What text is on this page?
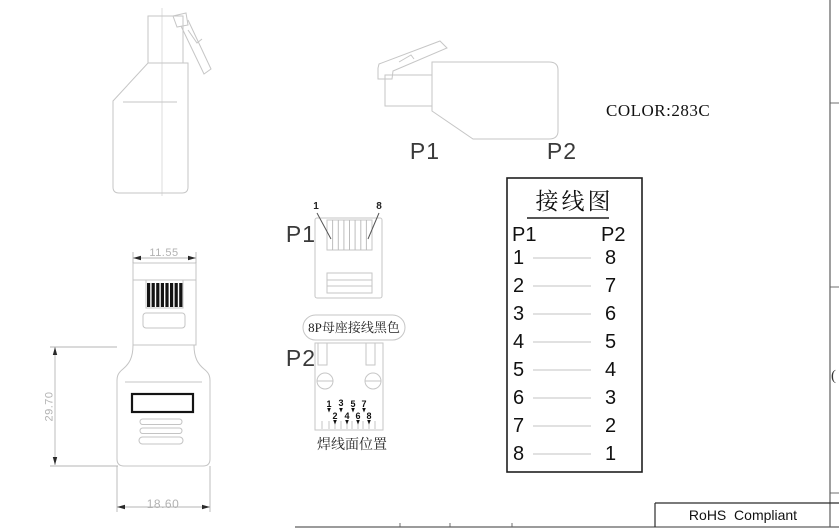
COLOR:283C
P1	P2
P1
1	8
8P母座接线黑色
P2
1 3 5 7
2 4 6 8
焊线面位置
11.55
29.70
18.60
接线图
P1	P2
1	8
2	7
3	6
4	5
5	4
6	3
7	2
8	1
RoHS  Compliant
(
